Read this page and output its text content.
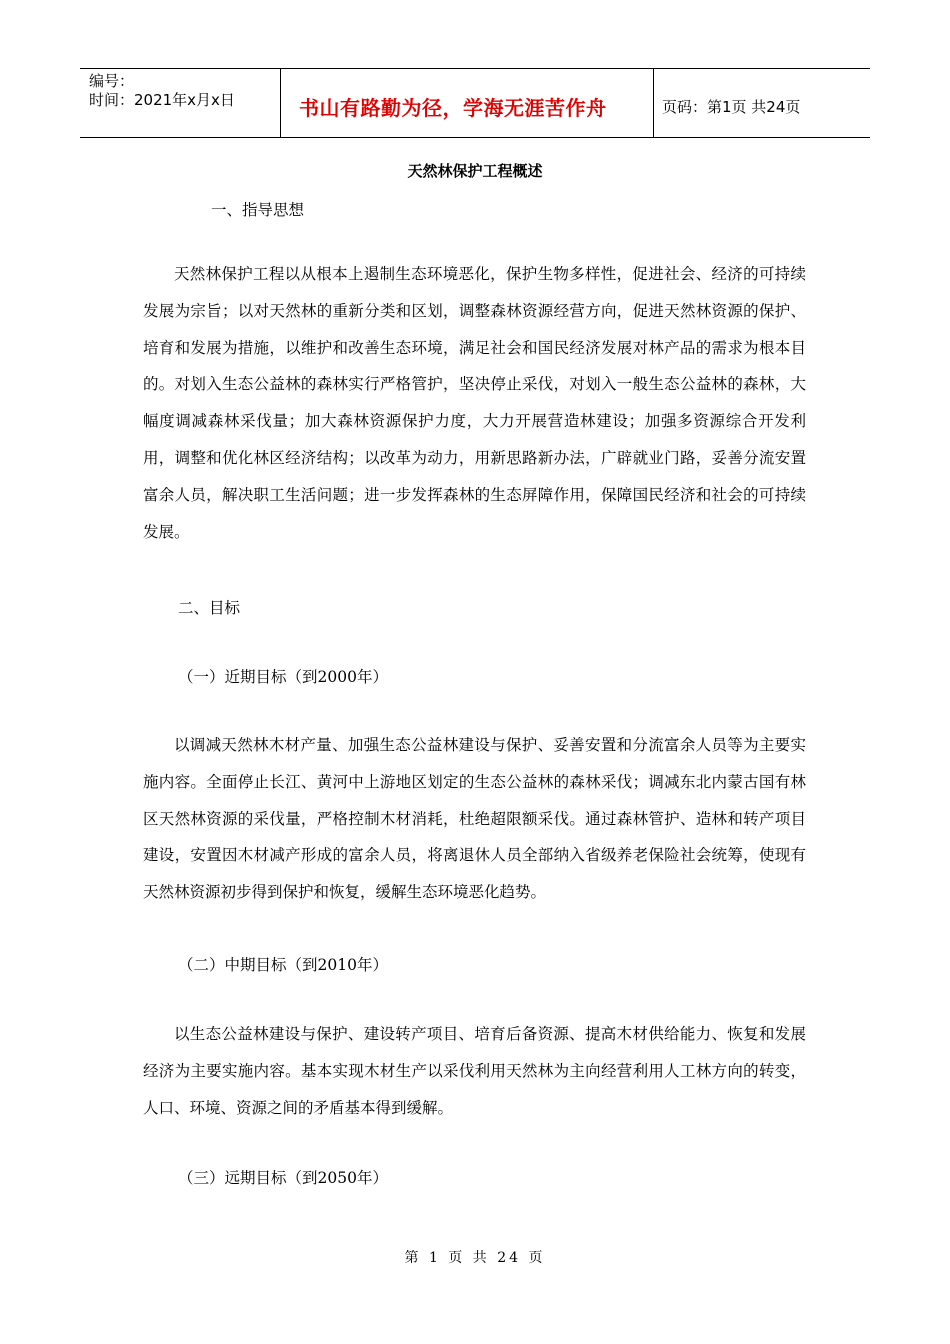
编号：
时间：2021年x月x日	书山有路勤为径，学海无涯苦作舟	页码：第1页 共24页
天然林保护工程概述
一、指导思想

天然林保护工程以从根本上遏制生态环境恶化，保护生物多样性，促进社会、经济的可持续发展为宗旨；以对天然林的重新分类和区划，调整森林资源经营方向，促进天然林资源的保护、培育和发展为措施，以维护和改善生态环境，满足社会和国民经济发展对林产品的需求为根本目的。对划入生态公益林的森林实行严格管护，坚决停止采伐，对划入一般生态公益林的森林，大幅度调减森林采伐量；加大森林资源保护力度，大力开展营造林建设；加强多资源综合开发利用，调整和优化林区经济结构；以改革为动力，用新思路新办法，广辟就业门路，妥善分流安置富余人员，解决职工生活问题；进一步发挥森林的生态屏障作用，保障国民经济和社会的可持续发展。

二、目标
（一）近期目标（到2000年）

以调减天然林木材产量、加强生态公益林建设与保护、妥善安置和分流富余人员等为主要实施内容。全面停止长江、黄河中上游地区划定的生态公益林的森林采伐；调减东北内蒙古国有林区天然林资源的采伐量，严格控制木材消耗，杜绝超限额采伐。通过森林管护、造林和转产项目建设，安置因木材减产形成的富余人员，将离退休人员全部纳入省级养老保险社会统筹，使现有天然林资源初步得到保护和恢复，缓解生态环境恶化趋势。

（二）中期目标（到2010年）

以生态公益林建设与保护、建设转产项目、培育后备资源、提高木材供给能力、恢复和发展经济为主要实施内容。基本实现木材生产以采伐利用天然林为主向经营利用人工林方向的转变，人口、环境、资源之间的矛盾基本得到缓解。

（三）远期目标（到2050年）
第 1 页 共 24 页
